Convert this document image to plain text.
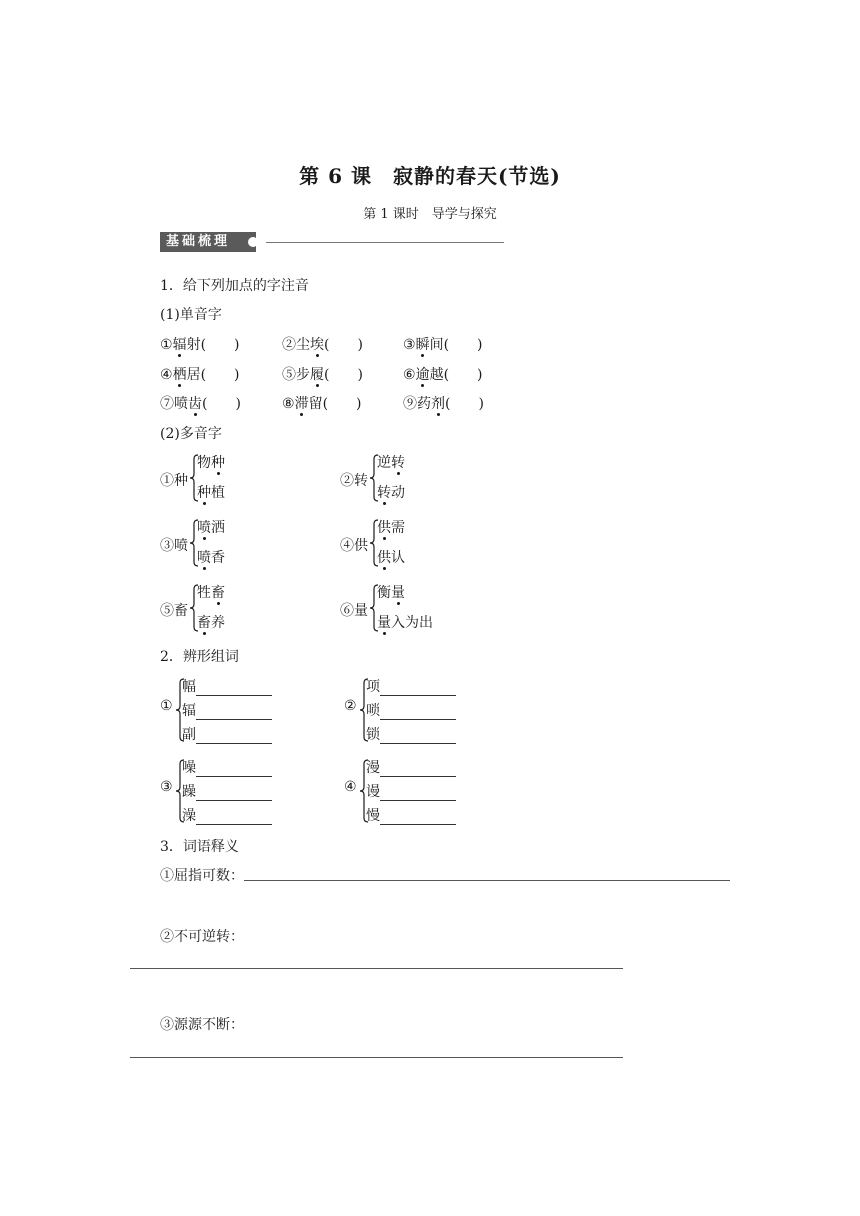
第 6 课　寂静的春天(节选)
第 1 课时　导学与探究
基础梳理
1．给下列加点的字注音
(1)单音字
①辐射(　　)	②尘埃(　　)	③瞬间(　　)
④栖居(　　)	⑤步履(　　)	⑥逾越(　　)
⑦喷齿(　　)	⑧滞留(　　)	⑨药剂(　　)
(2)多音字
①种
物种
种植
②转
逆转
转动
③喷
喷洒
喷香
④供
供需
供认
⑤畜
牲畜
畜养
⑥量
衡量
量入为出
2．辨形组词
①
幅
辐
副
②
项
唢
锁
③
噪
躁
澡
④
漫
谩
慢
3．词语释义
①屈指可数：
②不可逆转：
③源源不断：
